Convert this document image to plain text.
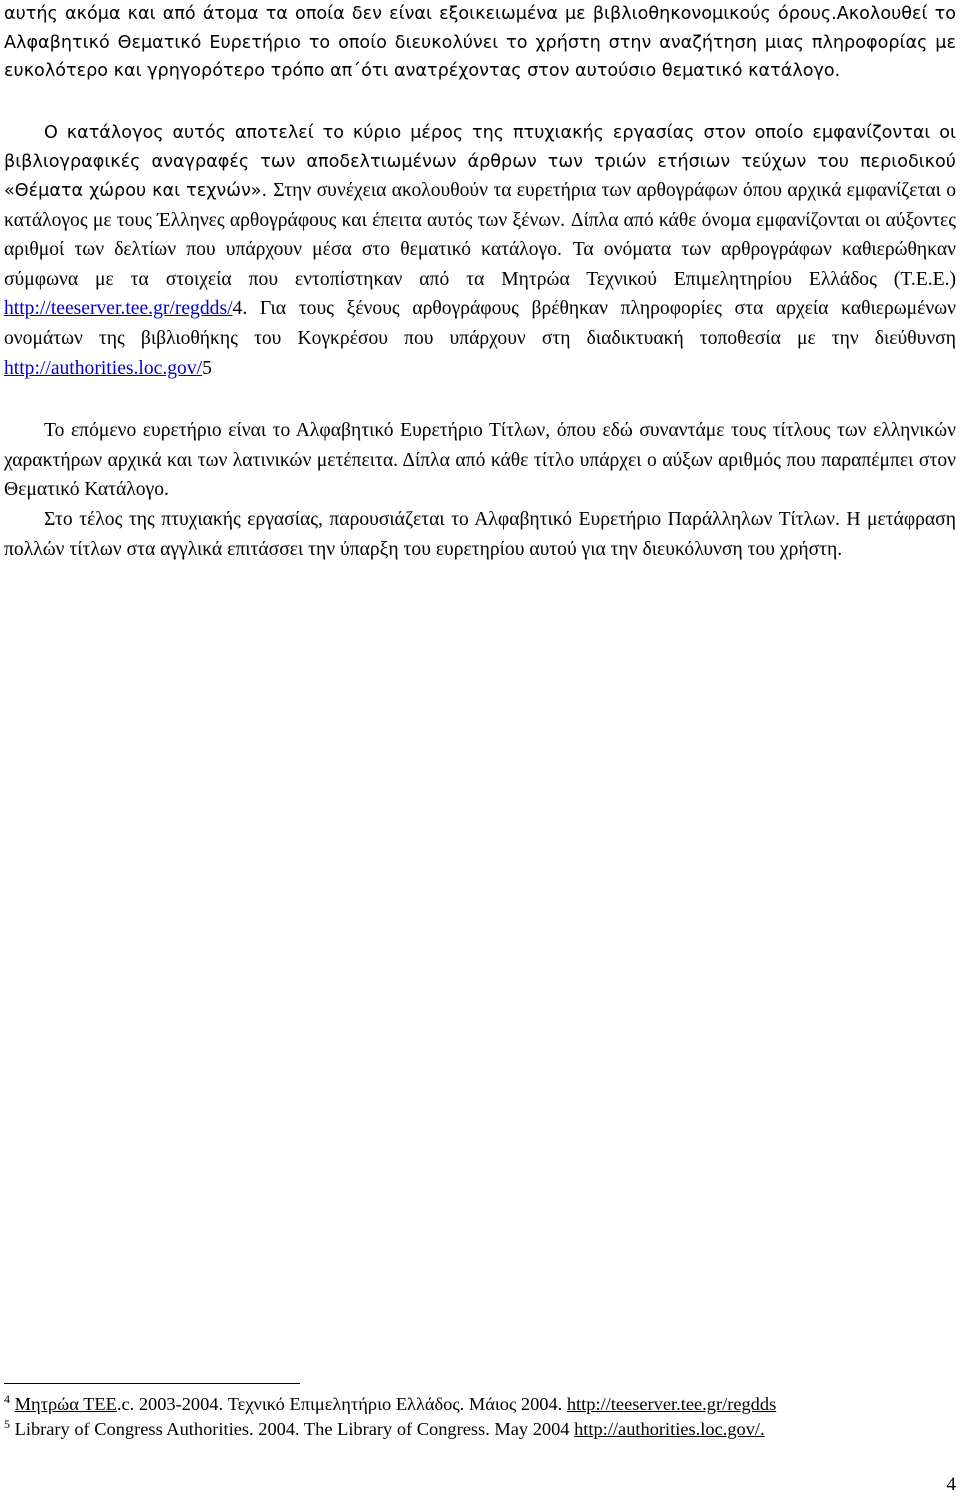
αυτής ακόμα και από άτομα τα οποία δεν είναι εξοικειωμένα με βιβλιοθηκονομικούς όρους.Ακολουθεί το Αλφαβητικό Θεματικό Ευρετήριο το οποίο διευκολύνει το χρήστη στην αναζήτηση μιας πληροφορίας με ευκολότερο και γρηγορότερο τρόπο απ΄ότι ανατρέχοντας στον αυτούσιο θεματικό κατάλογο.

Ο κατάλογος αυτός αποτελεί το κύριο μέρος της πτυχιακής εργασίας στον οποίο εμφανίζονται οι βιβλιογραφικές αναγραφές των αποδελτιωμένων άρθρων των τριών ετήσιων τεύχων του περιοδικού «Θέματα χώρου και τεχνών». Στην συνέχεια ακολουθούν τα ευρετήρια των αρθογράφων όπου αρχικά εμφανίζεται ο κατάλογος με τους Έλληνες αρθογράφους και έπειτα αυτός των ξένων. Δίπλα από κάθε όνομα εμφανίζονται οι αύξοντες αριθμοί των δελτίων που υπάρχουν μέσα στο θεματικό κατάλογο. Τα ονόματα των αρθρογράφων καθιερώθηκαν σύμφωνα με τα στοιχεία που εντοπίστηκαν από τα Μητρώα Τεχνικού Επιμελητηρίου Ελλάδος (Τ.Ε.Ε.) http://teeserver.tee.gr/regdds/4. Για τους ξένους αρθογράφους βρέθηκαν πληροφορίες στα αρχεία καθιερωμένων ονομάτων της βιβλιοθήκης του Κογκρέσου που υπάρχουν στη διαδικτυακή τοποθεσία με την διεύθυνση http://authorities.loc.gov/5

Το επόμενο ευρετήριο είναι το Αλφαβητικό Ευρετήριο Τίτλων, όπου εδώ συναντάμε τους τίτλους των ελληνικών χαρακτήρων αρχικά και των λατινικών μετέπειτα. Δίπλα από κάθε τίτλο υπάρχει ο αύξων αριθμός που παραπέμπει στον Θεματικό Κατάλογο.

Στο τέλος της πτυχιακής εργασίας, παρουσιάζεται το Αλφαβητικό Ευρετήριο Παράλληλων Τίτλων. Η μετάφραση πολλών τίτλων στα αγγλικά επιτάσσει την ύπαρξη του ευρετηρίου αυτού για την διευκόλυνση του χρήστη.

$^4$ Μητρώα ΤΕΕ.c. 2003-2004. Τεχνικό Επιμελητήριο Ελλάδος. Μάιος 2004. http://teeserver.tee.gr/regdds
$^5$ Library of Congress Authorities. 2004. The Library of Congress. May 2004 http://authorities.loc.gov/.
4
